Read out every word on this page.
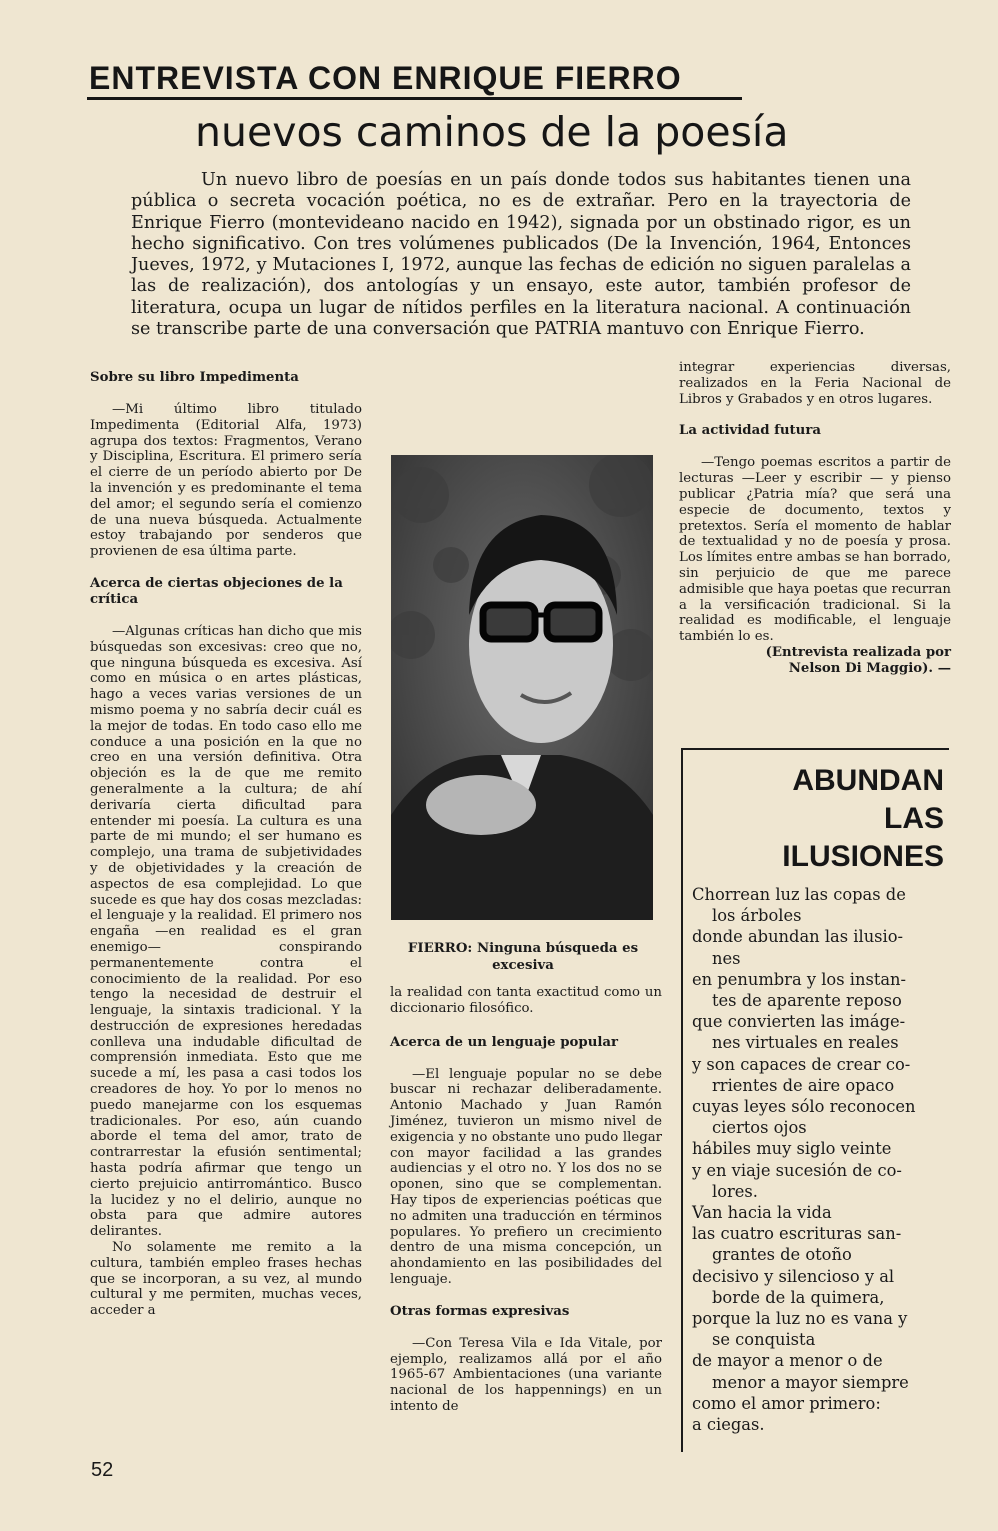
ENTREVISTA CON ENRIQUE FIERRO
nuevos caminos de la poesía
Un nuevo libro de poesías en un país donde todos sus habitantes tienen una pública o secreta vocación poética, no es de extrañar. Pero en la trayectoria de Enrique Fierro (montevideano nacido en 1942), signada por un obstinado rigor, es un hecho significativo. Con tres volúmenes publicados (De la Invención, 1964, Entonces Jueves, 1972, y Mutaciones I, 1972, aunque las fechas de edición no siguen paralelas a las de realización), dos antologías y un ensayo, este autor, también profesor de literatura, ocupa un lugar de nítidos perfiles en la literatura nacional. A continuación se transcribe parte de una conversación que PATRIA mantuvo con Enrique Fierro.
Sobre su libro Impedimenta

—Mi último libro titulado Impedimenta (Editorial Alfa, 1973) agrupa dos textos: Fragmentos, Verano y Disciplina, Escritura. El primero sería el cierre de un período abierto por De la invención y es predominante el tema del amor; el segundo sería el comienzo de una nueva búsqueda. Actualmente estoy trabajando por senderos que provienen de esa última parte.

Acerca de ciertas objeciones de la crítica

—Algunas críticas han dicho que mis búsquedas son excesivas: creo que no, que ninguna búsqueda es excesiva. Así como en música o en artes plásticas, hago a veces varias versiones de un mismo poema y no sabría decir cuál es la mejor de todas. En todo caso ello me conduce a una posición en la que no creo en una versión definitiva. Otra objeción es la de que me remito generalmente a la cultura; de ahí derivaría cierta dificultad para entender mi poesía. La cultura es una parte de mi mundo; el ser humano es complejo, una trama de subjetividades y de objetividades y la creación de aspectos de esa complejidad. Lo que sucede es que hay dos cosas mezcladas: el lenguaje y la realidad. El primero nos engaña —en realidad es el gran enemigo— conspirando permanentemente contra el conocimiento de la realidad. Por eso tengo la necesidad de destruir el lenguaje, la sintaxis tradicional. Y la destrucción de expresiones heredadas conlleva una indudable dificultad de comprensión inmediata. Esto que me sucede a mí, les pasa a casi todos los creadores de hoy. Yo por lo menos no puedo manejarme con los esquemas tradicionales. Por eso, aún cuando aborde el tema del amor, trato de contrarrestar la efusión sentimental; hasta podría afirmar que tengo un cierto prejuicio antirromántico. Busco la lucidez y no el delirio, aunque no obsta para que admire autores delirantes.

No solamente me remito a la cultura, también empleo frases hechas que se incorporan, a su vez, al mundo cultural y me permiten, muchas veces, acceder a

FIERRO: Ninguna búsqueda es excesiva

la realidad con tanta exactitud como un diccionario filosófico.

Acerca de un lenguaje popular

—El lenguaje popular no se debe buscar ni rechazar deliberadamente. Antonio Machado y Juan Ramón Jiménez, tuvieron un mismo nivel de exigencia y no obstante uno pudo llegar con mayor facilidad a las grandes audiencias y el otro no. Y los dos no se oponen, sino que se complementan. Hay tipos de experiencias poéticas que no admiten una traducción en términos populares. Yo prefiero un crecimiento dentro de una misma concepción, un ahondamiento en las posibilidades del lenguaje.

Otras formas expresivas

—Con Teresa Vila e Ida Vitale, por ejemplo, realizamos allá por el año 1965-67 Ambientaciones (una variante nacional de los happennings) en un intento de

integrar experiencias diversas, realizados en la Feria Nacional de Libros y Grabados y en otros lugares.

La actividad futura

—Tengo poemas escritos a partir de lecturas —Leer y escribir — y pienso publicar ¿Patria mía? que será una especie de documento, textos y pretextos. Sería el momento de hablar de textualidad y no de poesía y prosa. Los límites entre ambas se han borrado, sin perjuicio de que me parece admisible que haya poetas que recurran a la versificación tradicional. Si la realidad es modificable, el lenguaje también lo es.

(Entrevista realizada por Nelson Di Maggio). —

ABUNDAN
LAS
ILUSIONES
Chorrean luz las copas de
los árboles
donde abundan las ilusio-
nes
en penumbra y los instan-
tes de aparente reposo
que convierten las imáge-
nes virtuales en reales
y son capaces de crear co-
rrientes de aire opaco
cuyas leyes sólo reconocen
ciertos ojos
hábiles muy siglo veinte
y en viaje sucesión de co-
lores.
Van hacia la vida
las cuatro escrituras san-
grantes de otoño
decisivo y silencioso y al
borde de la quimera,
porque la luz no es vana y
se conquista
de mayor a menor o de
menor a mayor siempre
como el amor primero:
a ciegas.
52
